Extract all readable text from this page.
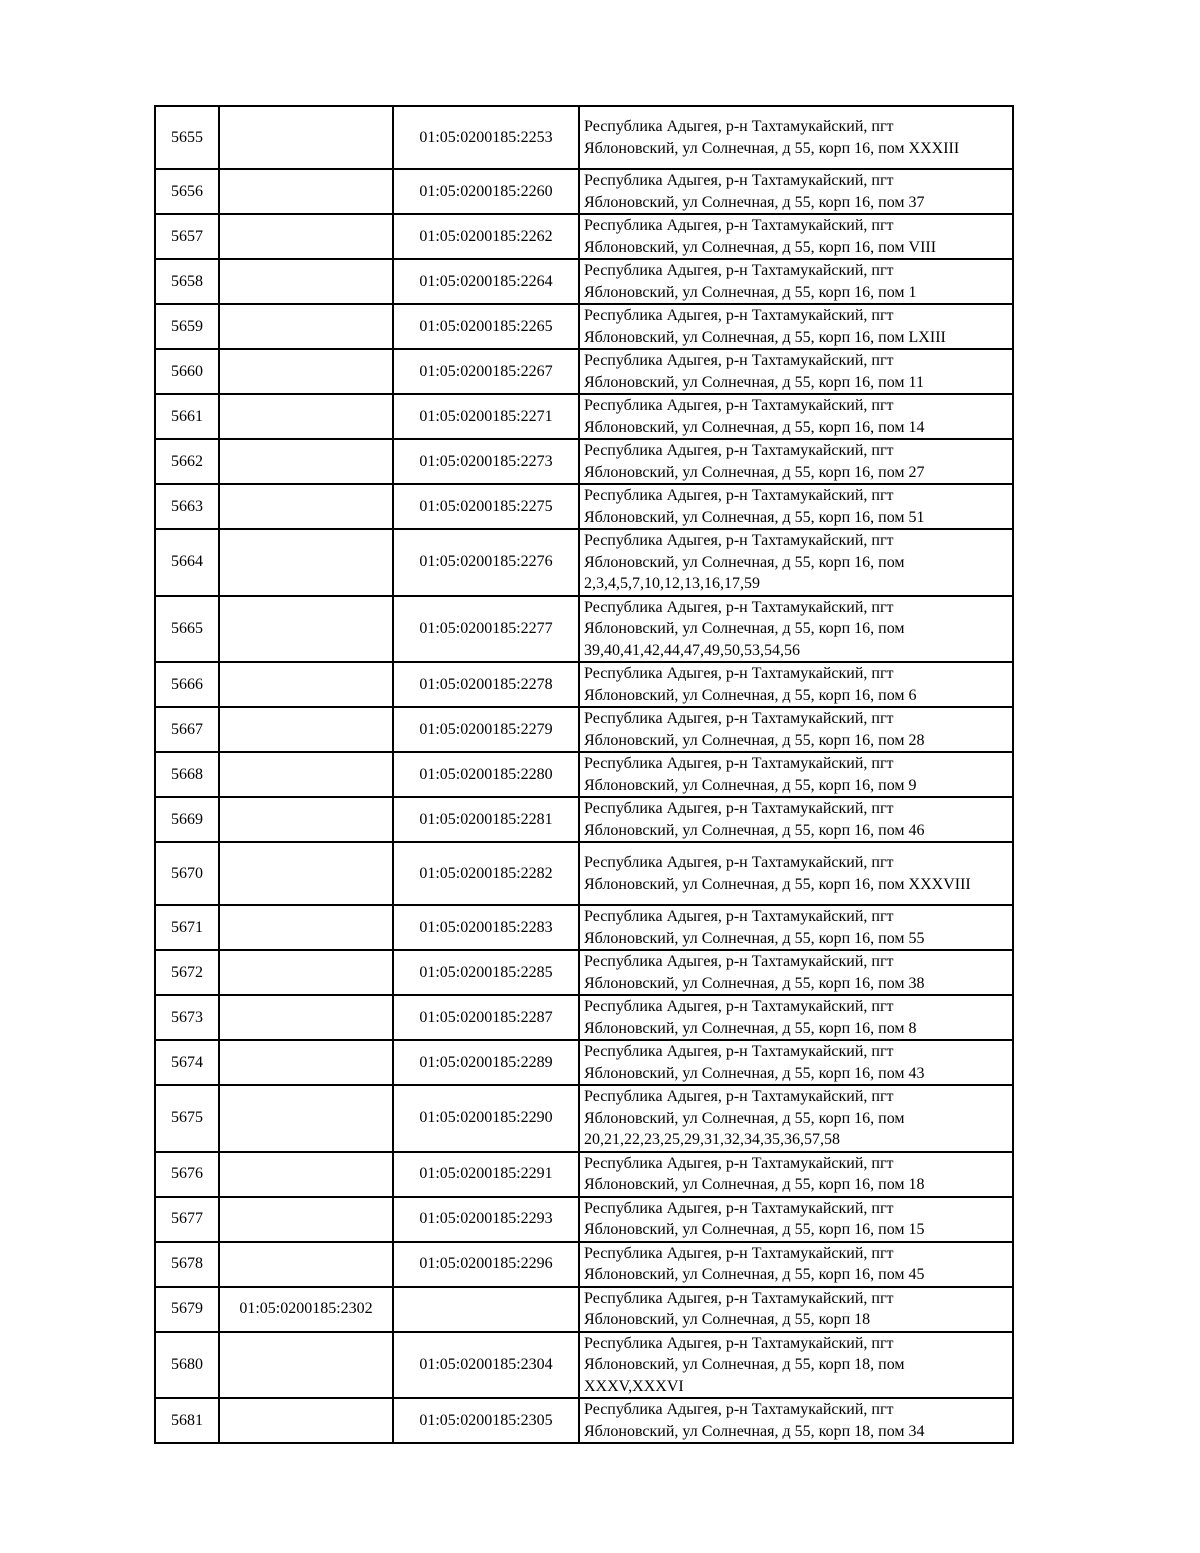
5655		01:05:0200185:2253	Республика Адыгея, р-н Тахтамукайский, пгт
Яблоновский, ул Солнечная, д 55, корп 16, пом XXXIII

5656		01:05:0200185:2260	Республика Адыгея, р-н Тахтамукайский, пгт
Яблоновский, ул Солнечная, д 55, корп 16, пом 37

5657		01:05:0200185:2262	Республика Адыгея, р-н Тахтамукайский, пгт
Яблоновский, ул Солнечная, д 55, корп 16, пом VIII

5658		01:05:0200185:2264	Республика Адыгея, р-н Тахтамукайский, пгт
Яблоновский, ул Солнечная, д 55, корп 16, пом 1

5659		01:05:0200185:2265	Республика Адыгея, р-н Тахтамукайский, пгт
Яблоновский, ул Солнечная, д 55, корп 16, пом LXIII

5660		01:05:0200185:2267	Республика Адыгея, р-н Тахтамукайский, пгт
Яблоновский, ул Солнечная, д 55, корп 16, пом 11

5661		01:05:0200185:2271	Республика Адыгея, р-н Тахтамукайский, пгт
Яблоновский, ул Солнечная, д 55, корп 16, пом 14

5662		01:05:0200185:2273	Республика Адыгея, р-н Тахтамукайский, пгт
Яблоновский, ул Солнечная, д 55, корп 16, пом 27

5663		01:05:0200185:2275	Республика Адыгея, р-н Тахтамукайский, пгт
Яблоновский, ул Солнечная, д 55, корп 16, пом 51

5664		01:05:0200185:2276	Республика Адыгея, р-н Тахтамукайский, пгт
Яблоновский, ул Солнечная, д 55, корп 16, пом
2,3,4,5,7,10,12,13,16,17,59

5665		01:05:0200185:2277	Республика Адыгея, р-н Тахтамукайский, пгт
Яблоновский, ул Солнечная, д 55, корп 16, пом
39,40,41,42,44,47,49,50,53,54,56

5666		01:05:0200185:2278	Республика Адыгея, р-н Тахтамукайский, пгт
Яблоновский, ул Солнечная, д 55, корп 16, пом 6

5667		01:05:0200185:2279	Республика Адыгея, р-н Тахтамукайский, пгт
Яблоновский, ул Солнечная, д 55, корп 16, пом 28

5668		01:05:0200185:2280	Республика Адыгея, р-н Тахтамукайский, пгт
Яблоновский, ул Солнечная, д 55, корп 16, пом 9

5669		01:05:0200185:2281	Республика Адыгея, р-н Тахтамукайский, пгт
Яблоновский, ул Солнечная, д 55, корп 16, пом 46

5670		01:05:0200185:2282	Республика Адыгея, р-н Тахтамукайский, пгт
Яблоновский, ул Солнечная, д 55, корп 16, пом XXXVIII

5671		01:05:0200185:2283	Республика Адыгея, р-н Тахтамукайский, пгт
Яблоновский, ул Солнечная, д 55, корп 16, пом 55

5672		01:05:0200185:2285	Республика Адыгея, р-н Тахтамукайский, пгт
Яблоновский, ул Солнечная, д 55, корп 16, пом 38

5673		01:05:0200185:2287	Республика Адыгея, р-н Тахтамукайский, пгт
Яблоновский, ул Солнечная, д 55, корп 16, пом 8

5674		01:05:0200185:2289	Республика Адыгея, р-н Тахтамукайский, пгт
Яблоновский, ул Солнечная, д 55, корп 16, пом 43

5675		01:05:0200185:2290	Республика Адыгея, р-н Тахтамукайский, пгт
Яблоновский, ул Солнечная, д 55, корп 16, пом
20,21,22,23,25,29,31,32,34,35,36,57,58

5676		01:05:0200185:2291	Республика Адыгея, р-н Тахтамукайский, пгт
Яблоновский, ул Солнечная, д 55, корп 16, пом 18

5677		01:05:0200185:2293	Республика Адыгея, р-н Тахтамукайский, пгт
Яблоновский, ул Солнечная, д 55, корп 16, пом 15

5678		01:05:0200185:2296	Республика Адыгея, р-н Тахтамукайский, пгт
Яблоновский, ул Солнечная, д 55, корп 16, пом 45

5679	01:05:0200185:2302		Республика Адыгея, р-н Тахтамукайский, пгт
Яблоновский, ул Солнечная, д 55, корп 18

5680		01:05:0200185:2304	Республика Адыгея, р-н Тахтамукайский, пгт
Яблоновский, ул Солнечная, д 55, корп 18, пом
XXXV,XXXVI

5681		01:05:0200185:2305	Республика Адыгея, р-н Тахтамукайский, пгт
Яблоновский, ул Солнечная, д 55, корп 18, пом 34
